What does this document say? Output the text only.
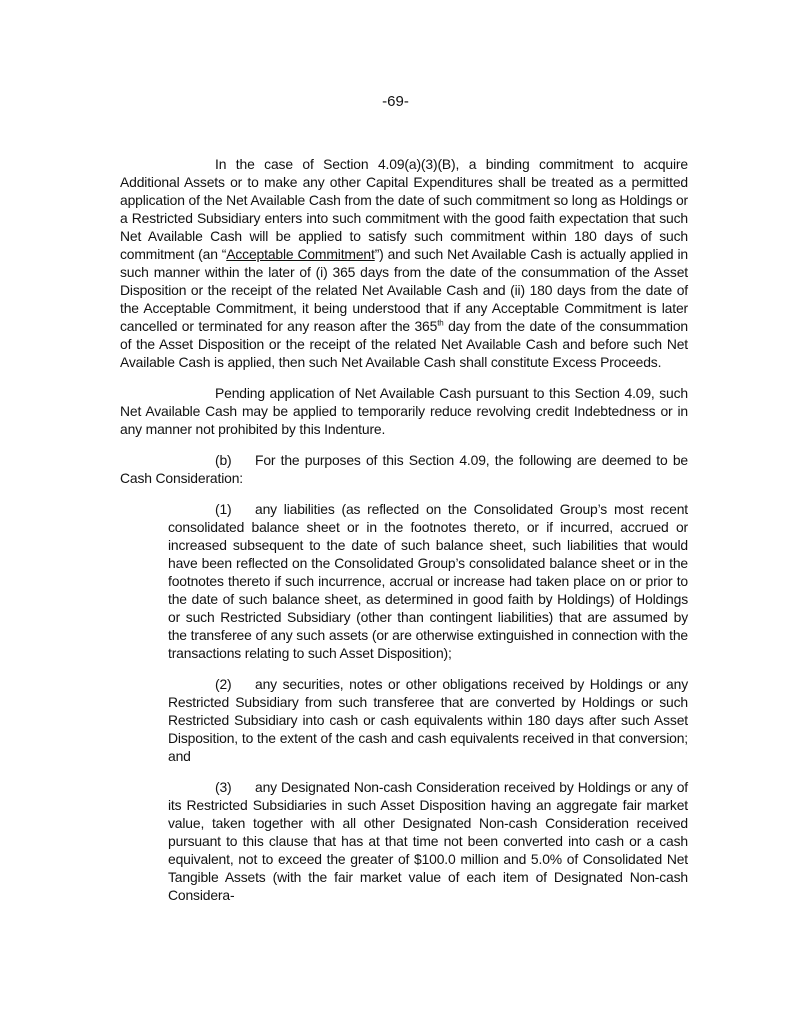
-69-

In the case of Section 4.09(a)(3)(B), a binding commitment to acquire Additional Assets or to make any other Capital Expenditures shall be treated as a permitted application of the Net Available Cash from the date of such commitment so long as Holdings or a Restricted Subsidiary enters into such commitment with the good faith expectation that such Net Available Cash will be applied to satisfy such commitment within 180 days of such commitment (an “Acceptable Commitment”) and such Net Available Cash is actually applied in such manner within the later of (i) 365 days from the date of the consummation of the Asset Disposition or the receipt of the related Net Available Cash and (ii) 180 days from the date of the Acceptable Commitment, it being understood that if any Acceptable Commitment is later cancelled or terminated for any reason after the 365th day from the date of the consummation of the Asset Disposition or the receipt of the related Net Available Cash and before such Net Available Cash is applied, then such Net Available Cash shall constitute Excess Proceeds.

Pending application of Net Available Cash pursuant to this Section 4.09, such Net Available Cash may be applied to temporarily reduce revolving credit Indebtedness or in any manner not prohibited by this Indenture.

(b) For the purposes of this Section 4.09, the following are deemed to be Cash Consideration:

(1) any liabilities (as reflected on the Consolidated Group’s most recent consolidated balance sheet or in the footnotes thereto, or if incurred, accrued or increased subsequent to the date of such balance sheet, such liabilities that would have been reflected on the Consolidated Group’s consolidated balance sheet or in the footnotes thereto if such incurrence, accrual or increase had taken place on or prior to the date of such balance sheet, as determined in good faith by Holdings) of Holdings or such Restricted Subsidiary (other than contingent liabilities) that are assumed by the transferee of any such assets (or are otherwise extinguished in connection with the transactions relating to such Asset Disposition);

(2) any securities, notes or other obligations received by Holdings or any Restricted Subsidiary from such transferee that are converted by Holdings or such Restricted Subsidiary into cash or cash equivalents within 180 days after such Asset Disposition, to the extent of the cash and cash equivalents received in that conversion; and

(3) any Designated Non-cash Consideration received by Holdings or any of its Restricted Subsidiaries in such Asset Disposition having an aggregate fair market value, taken together with all other Designated Non-cash Consideration received pursuant to this clause that has at that time not been converted into cash or a cash equivalent, not to exceed the greater of $100.0 million and 5.0% of Consolidated Net Tangible Assets (with the fair market value of each item of Designated Non-cash Considera-
